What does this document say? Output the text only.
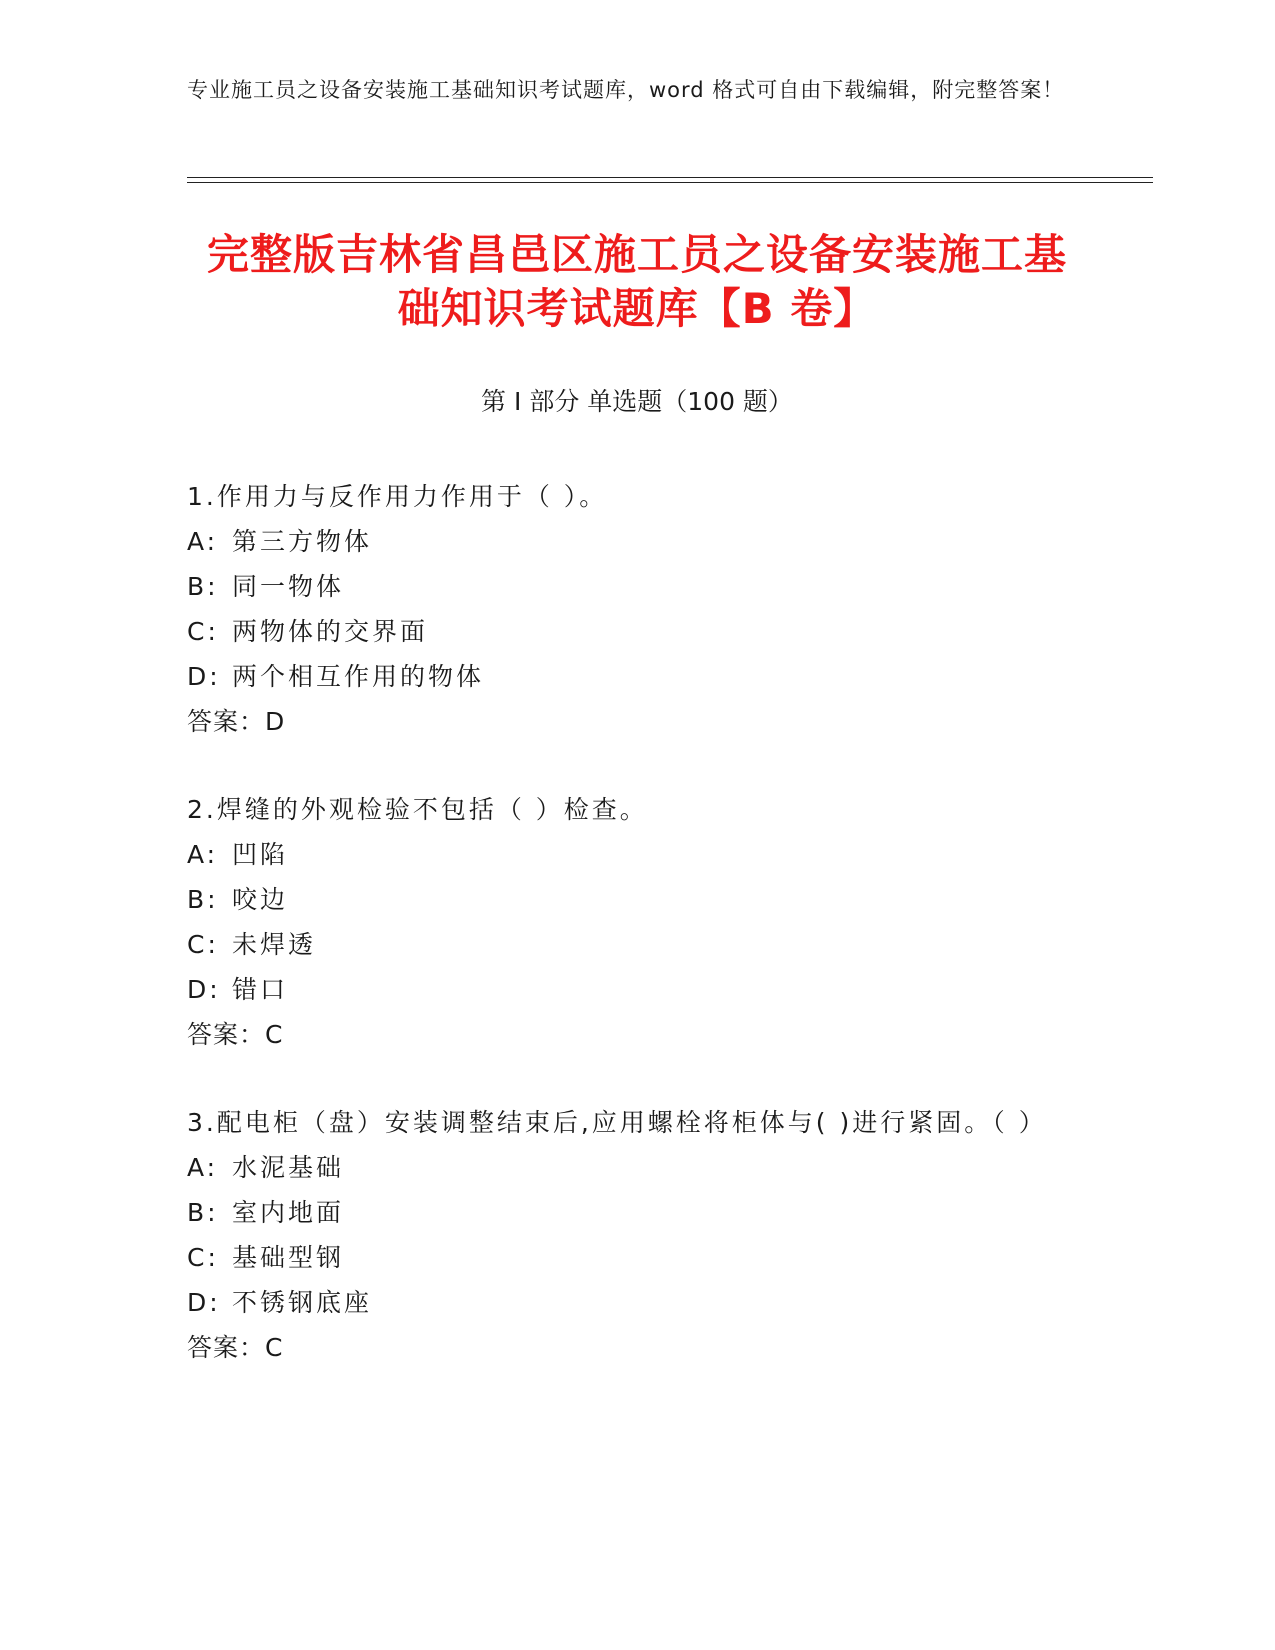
专业施工员之设备安装施工基础知识考试题库，word 格式可自由下载编辑，附完整答案！
完整版吉林省昌邑区施工员之设备安装施工基础知识考试题库【B 卷】
第 I 部分 单选题（100 题）
1.作用力与反作用力作用于（ ）。
A: 第三方物体
B: 同一物体
C: 两物体的交界面
D: 两个相互作用的物体
答案：D
2.焊缝的外观检验不包括（ ）检查。
A: 凹陷
B: 咬边
C: 未焊透
D: 错口
答案：C
3.配电柜（盘）安装调整结束后,应用螺栓将柜体与( )进行紧固。（ ）
A: 水泥基础
B: 室内地面
C: 基础型钢
D: 不锈钢底座
答案：C
